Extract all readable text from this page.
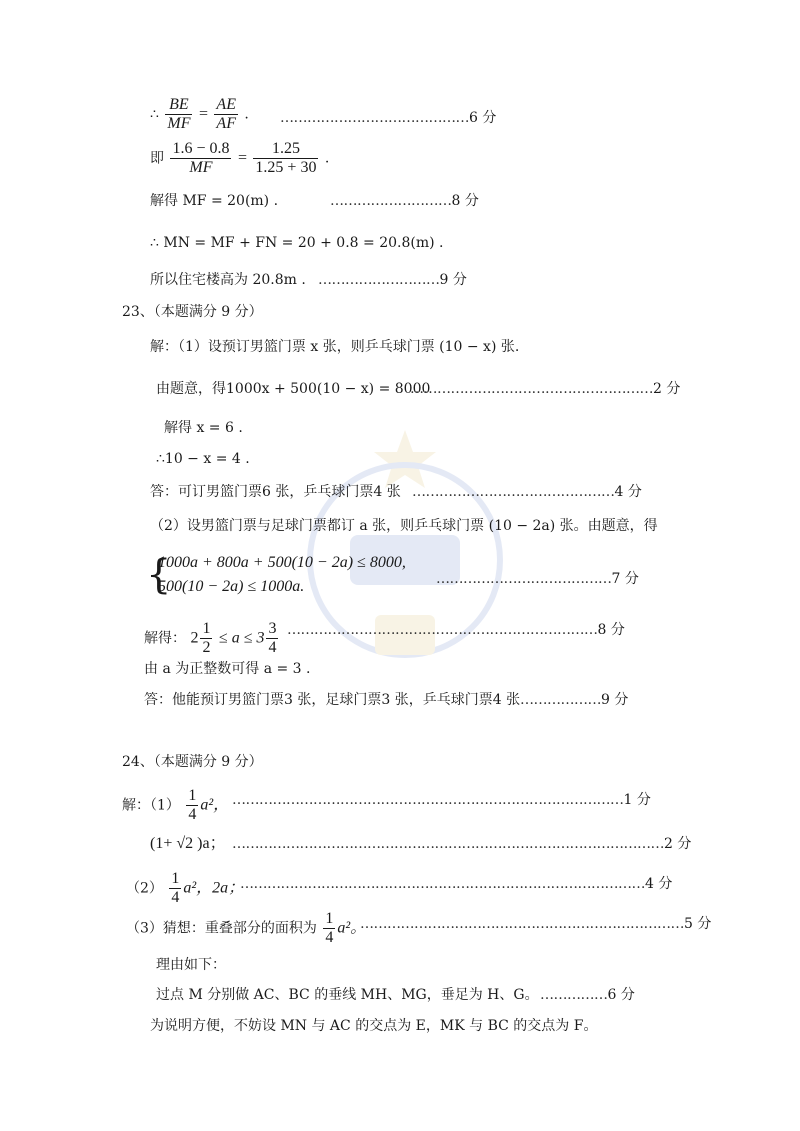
∴ $\frac{BE}{MF} = \frac{AE}{AF}$ . ……………………………………6 分
即 $\frac{1.6 - 0.8}{MF} = \frac{1.25}{1.25 + 30}$ .
解得 MF = 20(m) .	………………………8 分
∴ MN = MF + FN = 20 + 0.8 = 20.8(m) .
所以住宅楼高为 20.8m . ………………………9 分
23、（本题满分 9 分）
解：（1）设预订男篮门票 x 张，则乒乓球门票 (10 − x) 张.
由题意，得1000x + 500(10 − x) = 8000
………………………………………………2 分
解得 x = 6 .
∴10 − x = 4 .
答：可订男篮门票6 张，乒乓球门票4 张 ………………………………………4 分
（2）设男篮门票与足球门票都订 a 张，则乒乓球门票 (10 − 2a) 张。由题意，得
{
1000a + 800a + 500(10 − 2a) ≤ 8000,
500(10 − 2a) ≤ 1000a.	…………………………………7 分
解得： $2 \frac{1}{2} \le a \le 3 \frac{3}{4}$ ……………………………………………………………8 分
由 a 为正整数可得 a = 3 .
答：他能预订男篮门票3 张，足球门票3 张，乒乓球门票4 张 ………………9 分
24、（本题满分 9 分）
解：$(1) \frac{1}{4} a^2$， ……………………………………………………………………………1 分
(1+ √2 )a； ……………………………………………………………………………………2 分
$(2) \frac{1}{4} a^2$，2a；
………………………………………………………………………………4 分
（3）猜想：重叠部分的面积为 $\frac{1}{4} a^2$。
………………………………………………………………5 分
理由如下：
过点 M 分别做 AC、BC 的垂线 MH、MG，垂足为 H、G。 ……………6 分
为说明方便，不妨设 MN 与 AC 的交点为 E，MK 与 BC 的交点为 F。
